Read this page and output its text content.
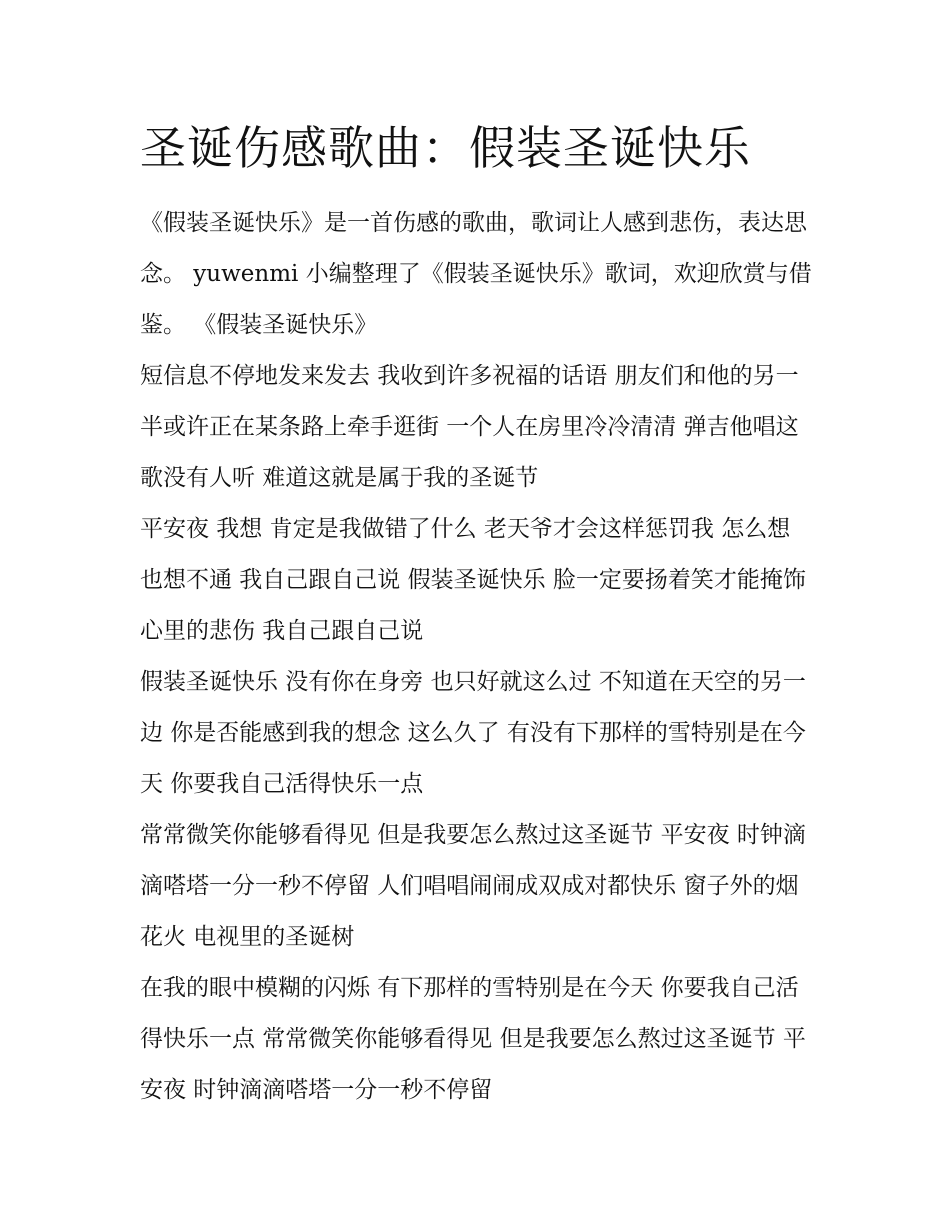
圣诞伤感歌曲：假装圣诞快乐

《假装圣诞快乐》是一首伤感的歌曲，歌词让人感到悲伤，表达思念。 yuwenmi 小编整理了《假装圣诞快乐》歌词，欢迎欣赏与借鉴。 《假装圣诞快乐》

短信息不停地发来发去 我收到许多祝福的话语 朋友们和他的另一半或许正在某条路上牵手逛街 一个人在房里冷冷清清 弹吉他唱这歌没有人听 难道这就是属于我的圣诞节

平安夜 我想 肯定是我做错了什么 老天爷才会这样惩罚我 怎么想也想不通 我自己跟自己说 假装圣诞快乐 脸一定要扬着笑才能掩饰心里的悲伤 我自己跟自己说

假装圣诞快乐 没有你在身旁 也只好就这么过 不知道在天空的另一边 你是否能感到我的想念 这么久了 有没有下那样的雪特别是在今天 你要我自己活得快乐一点

常常微笑你能够看得见 但是我要怎么熬过这圣诞节 平安夜 时钟滴滴嗒塔一分一秒不停留 人们唱唱闹闹成双成对都快乐 窗子外的烟花火 电视里的圣诞树

在我的眼中模糊的闪烁 有下那样的雪特别是在今天 你要我自己活得快乐一点 常常微笑你能够看得见 但是我要怎么熬过这圣诞节 平安夜 时钟滴滴嗒塔一分一秒不停留
